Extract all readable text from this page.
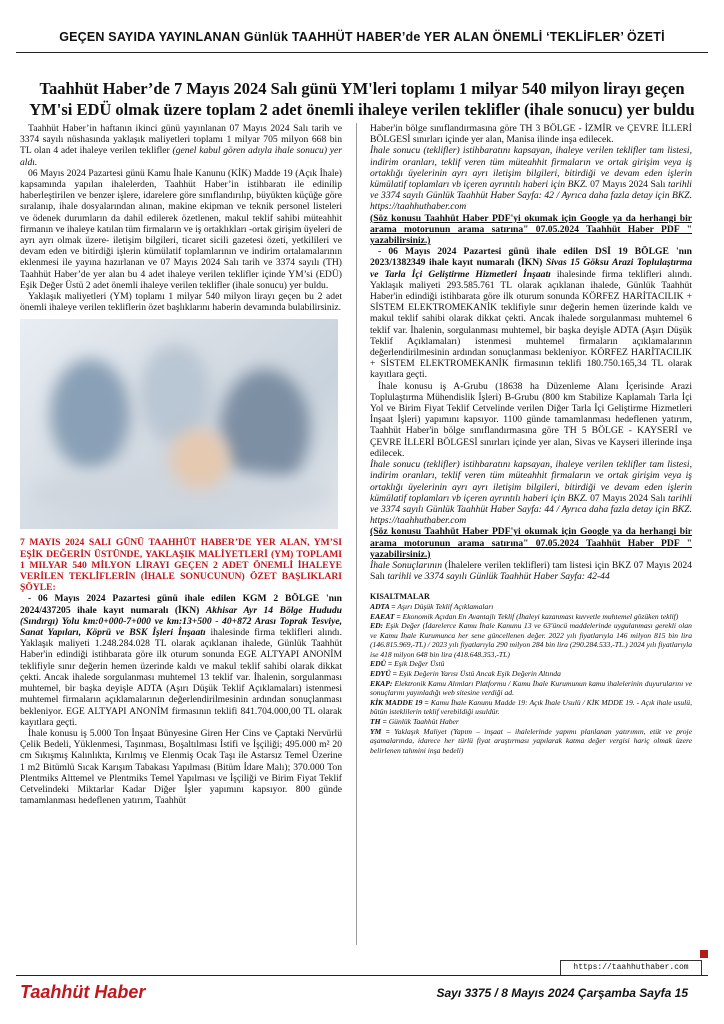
GEÇEN SAYIDA YAYINLANAN Günlük TAAHHÜT HABER’de YER ALAN ÖNEMLİ ‘TEKLİFLER’ ÖZETİ
Taahhüt Haber’de 7 Mayıs 2024 Salı günü YM'leri toplamı 1 milyar 540 milyon lirayı geçen YM'si EDÜ olmak üzere toplam 2 adet önemli ihaleye verilen teklifler (ihale sonucu) yer buldu

Taahhüt Haber’in haftanın ikinci günü yayınlanan 07 Mayıs 2024 Salı tarih ve 3374 sayılı nüshasında yaklaşık maliyetleri toplamı 1 milyar 705 milyon 668 bin TL olan 4 adet ihaleye verilen teklifler (genel kabul gören adıyla ihale sonucu) yer aldı.

06 Mayıs 2024 Pazartesi günü Kamu İhale Kanunu (KİK) Madde 19 (Açık İhale) kapsamında yapılan ihalelerden, Taahhüt Haber’in istihbaratı ile edinilip haberleştirilen ve benzer işlere, idarelere göre sınıflandırılıp, büyükten küçüğe göre sıralanıp, ihale dosyalarından alınan, makine ekipman ve teknik personel listeleri ve ödenek durumların da dahil edilerek özetlenen, makul teklif sahibi müteahhit firmanın ve ihaleye katılan tüm firmaların ve iş ortaklıkları -ortak girişim üyeleri de ayrı ayrı olmak üzere- iletişim bilgileri, ticaret sicili gazetesi özeti, yetkilileri ve devam eden ve bitirdiği işlerin kümülatif toplamlarının ve indirim ortalamalarının eklenmesi ile yayına hazırlanan ve 07 Mayıs 2024 Salı tarih ve 3374 sayılı (TH) Taahhüt Haber’de yer alan bu 4 adet ihaleye verilen teklifler içinde YM’si (EDÜ) Eşik Değer Üstü 2 adet önemli ihaleye verilen teklifler (ihale sonucu) yer buldu.

Yaklaşık maliyetleri (YM) toplamı 1 milyar 540 milyon lirayı geçen bu 2 adet önemli ihaleye verilen tekliflerin özet başlıklarını haberin devamında bulabilirsiniz.

7 MAYIS 2024 SALI GÜNÜ TAAHHÜT HABER’DE YER ALAN, YM’SI EŞİK DEĞERİN ÜSTÜNDE, YAKLAŞIK MALİYETLERİ (YM) TOPLAMI 1 MILYAR 540 MİLYON LİRAYI GEÇEN 2 ADET ÖNEMLİ İHALEYE VERİLEN TEKLİFLERİN (İHALE SONUCUNUN) ÖZET BAŞLIKLARI ŞÖYLE:

- 06 Mayıs 2024 Pazartesi günü ihale edilen KGM 2 BÖLGE 'nın 2024/437205 ihale kayıt numaralı (İKN) Akhisar Ayr 14 Bölge Hududu (Sındırgı) Yolu km:0+000-7+000 ve km:13+500 - 40+872 Arası Toprak Tesviye, Sanat Yapıları, Köprü ve BSK İşleri İnşaatı ihalesinde firma teklifleri alındı. Yaklaşık maliyeti 1.248.284.028 TL olarak açıklanan ihalede, Günlük Taahhüt Haber'in edindiği istihbarata göre ilk oturum sonunda EGE ALTYAPI ANONİM teklifiyle sınır değerin hemen üzerinde kaldı ve makul teklif sahibi olarak dikkat çekti. Ancak ihalede sorgulanması muhtemel 13 teklif var. İhalenin, sorgulanması muhtemel, bir başka deyişle ADTA (Aşırı Düşük Teklif Açıklamaları) istenmesi muhtemel firmaların açıklamalarının değerlendirilmesinin ardından sonuçlanması bekleniyor. EGE ALTYAPI ANONİM firmasının teklifi 841.704.000,00 TL olarak kayıtlara geçti.

İhale konusu iş 5.000 Ton İnşaat Bünyesine Giren Her Cins ve Çaptaki Nervürlü Çelik Bedeli, Yüklenmesi, Taşınması, Boşaltılması İstifi ve İşçiliği; 495.000 m² 20 cm Sıkışmış Kalınlıkta, Kırılmış ve Elenmiş Ocak Taşı ile Astarsız Temel Üzerine 1 m2 Bitümlü Sıcak Karışım Tabakası Yapılması (Bitüm İdare Malı); 370.000 Ton Plentmiks Alttemel ve Plentmiks Temel Yapılması ve İşçiliği ve Birim Fiyat Teklif Cetvelindeki Miktarlar Kadar Diğer İşler yapımını kapsıyor. 800 günde tamamlanması hedeflenen yatırım, Taahhüt

Haber'in bölge sınıflandırmasına göre TH 3 BÖLGE - İZMİR ve ÇEVRE İLLERİ BÖLGESİ sınırları içinde yer alan, Manisa ilinde inşa edilecek.

İhale sonucu (teklifler) istihbaratını kapsayan, ihaleye verilen teklifler tam listesi, indirim oranları, teklif veren tüm müteahhit firmaların ve ortak girişim veya iş ortaklığı üyelerinin ayrı ayrı iletişim bilgileri, bitirdiği ve devam eden işlerin kümülatif toplamları vb içeren ayrıntılı haberi için BKZ. 07 Mayıs 2024 Salı tarihli ve 3374 sayılı Günlük Taahhüt Haber Sayfa: 42 / Ayrıca daha fazla detay için BKZ. https://taahhuthaber.com

(Söz konusu Taahhüt Haber PDF'yi okumak için Google ya da herhangi bir arama motorunun arama satırına" 07.05.2024 Taahhüt Haber PDF " yazabilirsiniz.)

- 06 Mayıs 2024 Pazartesi günü ihale edilen DSİ 19 BÖLGE 'nın 2023/1382349 ihale kayıt numaralı (İKN) Sivas 15 Göksu Arazi Toplulaştırma ve Tarla İçi Geliştirme Hizmetleri İnşaatı ihalesinde firma teklifleri alındı. Yaklaşık maliyeti 293.585.761 TL olarak açıklanan ihalede, Günlük Taahhüt Haber'in edindiği istihbarata göre ilk oturum sonunda KÖRFEZ HARİTACILIK + SİSTEM ELEKTROMEKANİK teklifiyle sınır değerin hemen üzerinde kaldı ve makul teklif sahibi olarak dikkat çekti. Ancak ihalede sorgulanması muhtemel 6 teklif var. İhalenin, sorgulanması muhtemel, bir başka deyişle ADTA (Aşırı Düşük Teklif Açıklamaları) istenmesi muhtemel firmaların açıklamalarının değerlendirilmesinin ardından sonuçlanması bekleniyor. KÖRFEZ HARİTACILIK + SİSTEM ELEKTROMEKANİK firmasının teklifi 180.750.165,34 TL olarak kayıtlara geçti.

İhale konusu iş A-Grubu (18638 ha Düzenleme Alanı İçerisinde Arazi Toplulaştırma Mühendislik İşleri) B-Grubu (800 km Stabilize Kaplamalı Tarla İçi Yol ve Birim Fiyat Teklif Cetvelinde verilen Diğer Tarla İçi Geliştirme Hizmetleri İnşaat İşleri) yapımını kapsıyor. 1100 günde tamamlanması hedeflenen yatırım, Taahhüt Haber'in bölge sınıflandırmasına göre TH 5 BÖLGE - KAYSERİ ve ÇEVRE İLLERİ BÖLGESİ sınırları içinde yer alan, Sivas ve Kayseri illerinde inşa edilecek.

İhale sonucu (teklifler) istihbaratını kapsayan, ihaleye verilen teklifler tam listesi, indirim oranları, teklif veren tüm müteahhit firmaların ve ortak girişim veya iş ortaklığı üyelerinin ayrı ayrı iletişim bilgileri, bitirdiği ve devam eden işlerin kümülatif toplamları vb içeren ayrıntılı haberi için BKZ. 07 Mayıs 2024 Salı tarihli ve 3374 sayılı Günlük Taahhüt Haber Sayfa: 44 / Ayrıca daha fazla detay için BKZ. https://taahhuthaber.com

(Söz konusu Taahhüt Haber PDF'yi okumak için Google ya da herhangi bir arama motorunun arama satırına" 07.05.2024 Taahhüt Haber PDF " yazabilirsiniz.)

İhale Sonuçlarının (İhalelere verilen teklifleri) tam listesi için BKZ 07 Mayıs 2024 Salı tarihli ve 3374 sayılı Günlük Taahhüt Haber Sayfa: 42-44

KISALTMALAR
ADTA = Aşırı Düşük Teklif Açıklamaları
EAEAT = Ekonomik Açıdan En Avantajlı Teklif (İhaleyi kazanması kuvvetle muhtemel gözüken teklif)
ED: Eşik Değer (İdarelerce Kamu İhale Kanunu 13 ve 63'üncü maddelerinde uygulanması gerekli olan ve Kamu İhale Kurumunca her sene güncellenen değer. 2022 yılı fiyatlarıyla 146 milyon 815 bin lira (146.815.969,-TL) / 2023 yılı fiyatlarıyla 290 milyon 284 bin lira (290.284.533,-TL.) 2024 yılı fiyatlarıyla ise 418 milyon 648 bin lira (418.648.353,-TL)
EDÜ = Eşik Değer Üstü
EDYÜ = Eşik Değerin Yarısı Üstü Ancak Eşik Değerin Altında
EKAP: Elektronik Kamu Alımları Platformu / Kamu İhale Kurumunun kamu ihalelerinin duyurularını ve sonuçlarını yayınladığı web sitesine verdiği ad.
KİK MADDE 19 = Kamu İhale Kanunu Madde 19: Açık İhale Usulü / KİK MDDE 19. - Açık ihale usulü, bütün isteklilerin teklif verebildiği usuldür.
TH = Günlük Taahhüt Haber
YM = Yaklaşık Maliyet (Yapım – inşaat – ihalelerinde yapımı planlanan yatırımın, etüt ve proje aşamalarında, idarece her türlü fiyat araştırması yapılarak katma değer vergisi hariç olmak üzere belirlenen tahmini inşa bedeli)
https://taahhuthaber.com
Taahhüt Haber	Sayı 3375 / 8 Mayıs 2024 Çarşamba Sayfa 15
